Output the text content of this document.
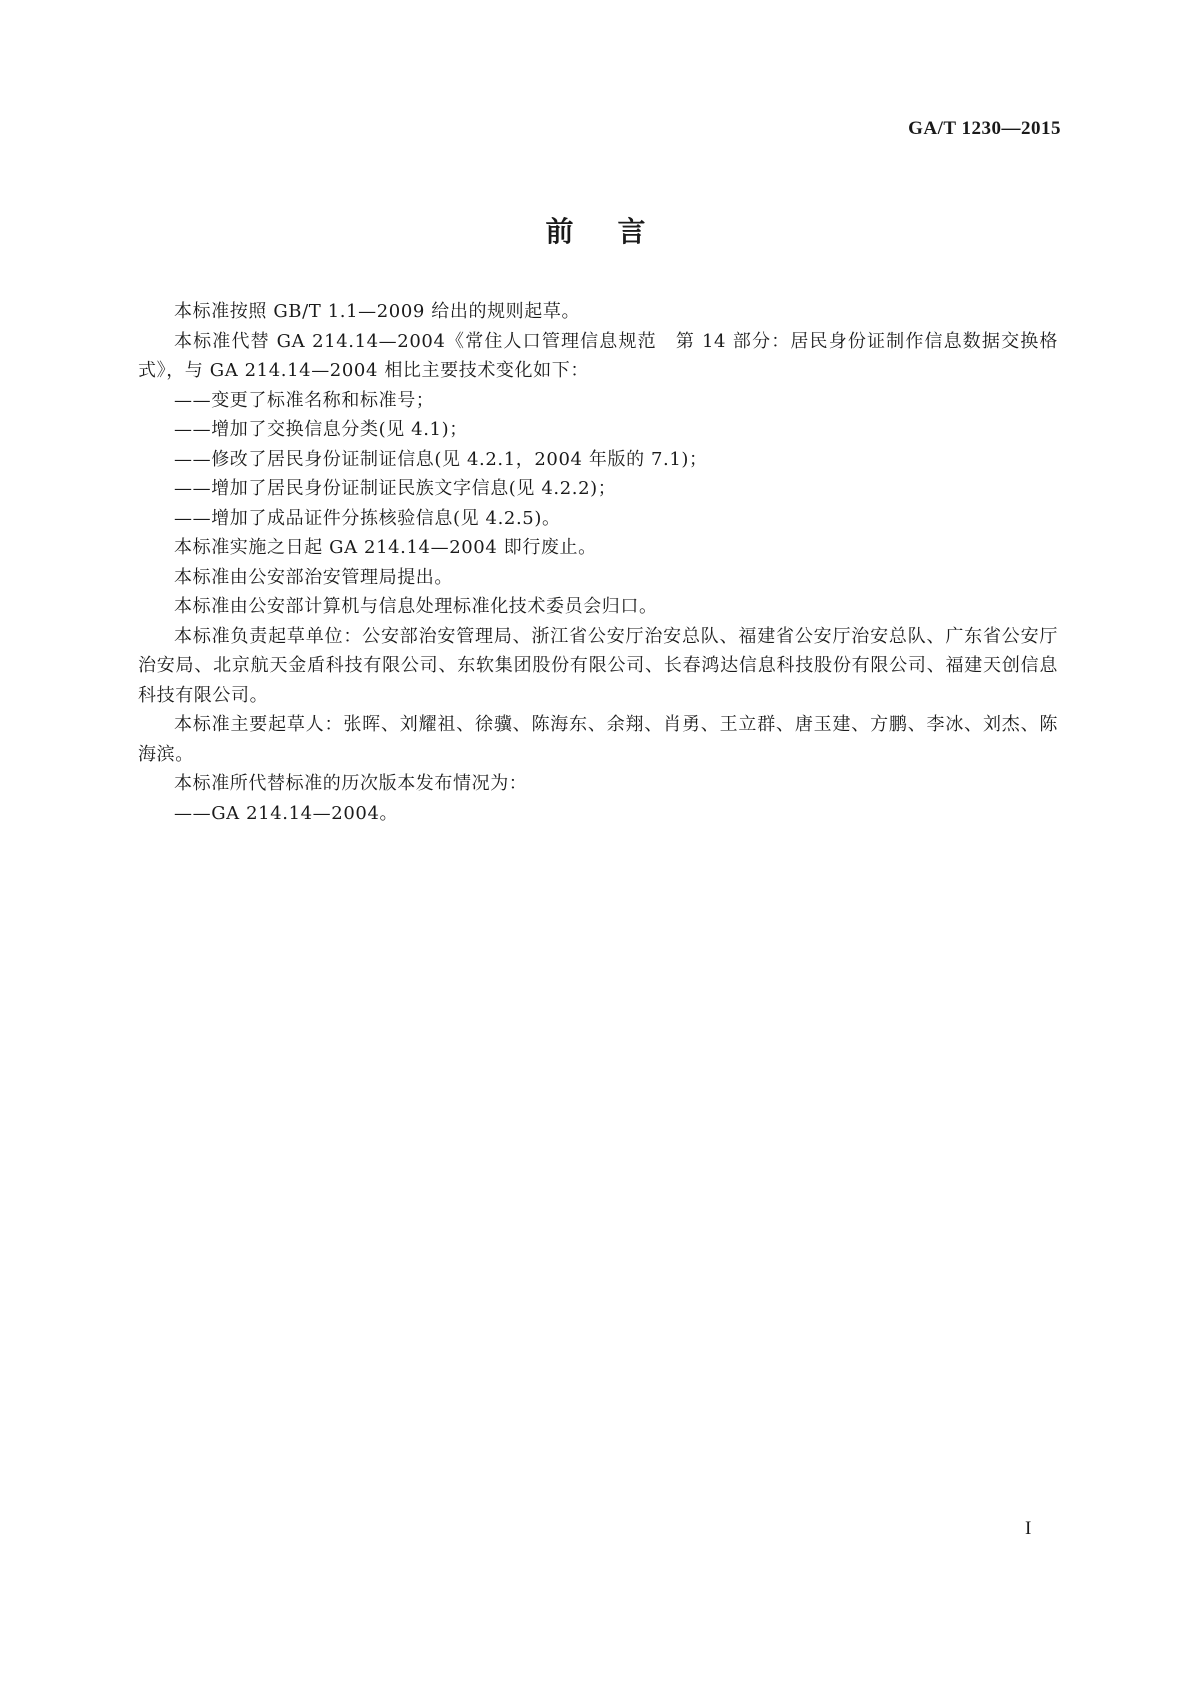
GA/T 1230—2015
前言

本标准按照 GB/T 1.1—2009 给出的规则起草。

本标准代替 GA 214.14—2004《常住人口管理信息规范　第 14 部分：居民身份证制作信息数据交换格式》，与 GA 214.14—2004 相比主要技术变化如下：

——变更了标准名称和标准号；

——增加了交换信息分类(见 4.1)；

——修改了居民身份证制证信息(见 4.2.1，2004 年版的 7.1)；

——增加了居民身份证制证民族文字信息(见 4.2.2)；

——增加了成品证件分拣核验信息(见 4.2.5)。

本标准实施之日起 GA 214.14—2004 即行废止。

本标准由公安部治安管理局提出。

本标准由公安部计算机与信息处理标准化技术委员会归口。

本标准负责起草单位：公安部治安管理局、浙江省公安厅治安总队、福建省公安厅治安总队、广东省公安厅治安局、北京航天金盾科技有限公司、东软集团股份有限公司、长春鸿达信息科技股份有限公司、福建天创信息科技有限公司。

本标准主要起草人：张晖、刘耀祖、徐骥、陈海东、余翔、肖勇、王立群、唐玉建、方鹏、李冰、刘杰、陈海滨。

本标准所代替标准的历次版本发布情况为：

——GA 214.14—2004。

I
